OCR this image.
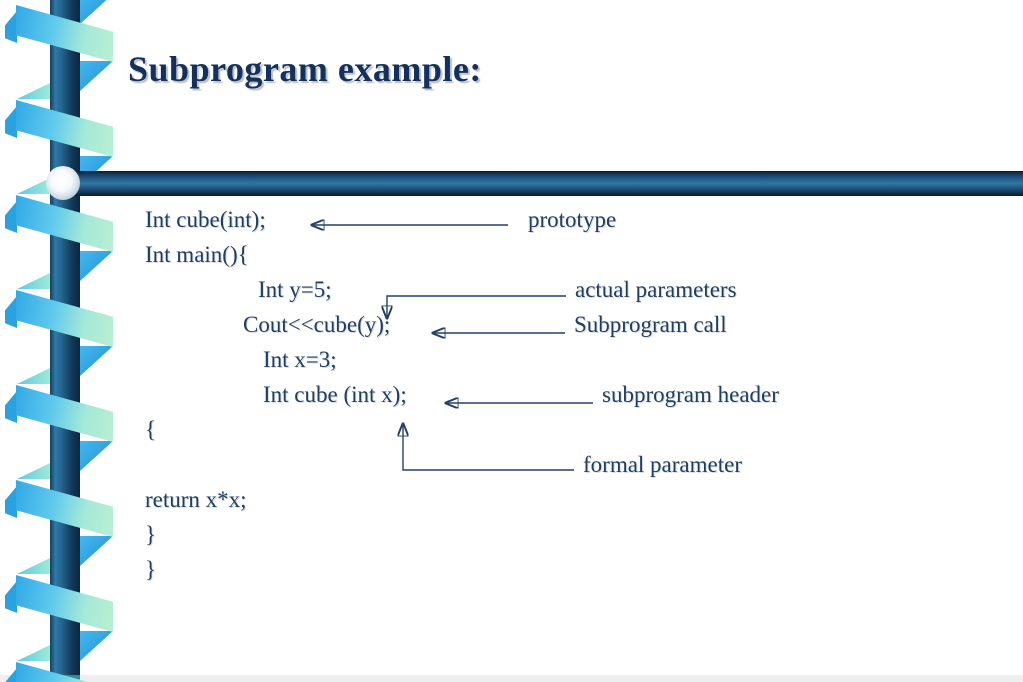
Subprogram example:
Int cube(int);	prototype
Int main(){
Int y=5;	actual parameters
Cout<<cube(y);	Subprogram call
Int x=3;
Int cube (int x);	subprogram header
{
formal parameter
return x*x;
}
}
